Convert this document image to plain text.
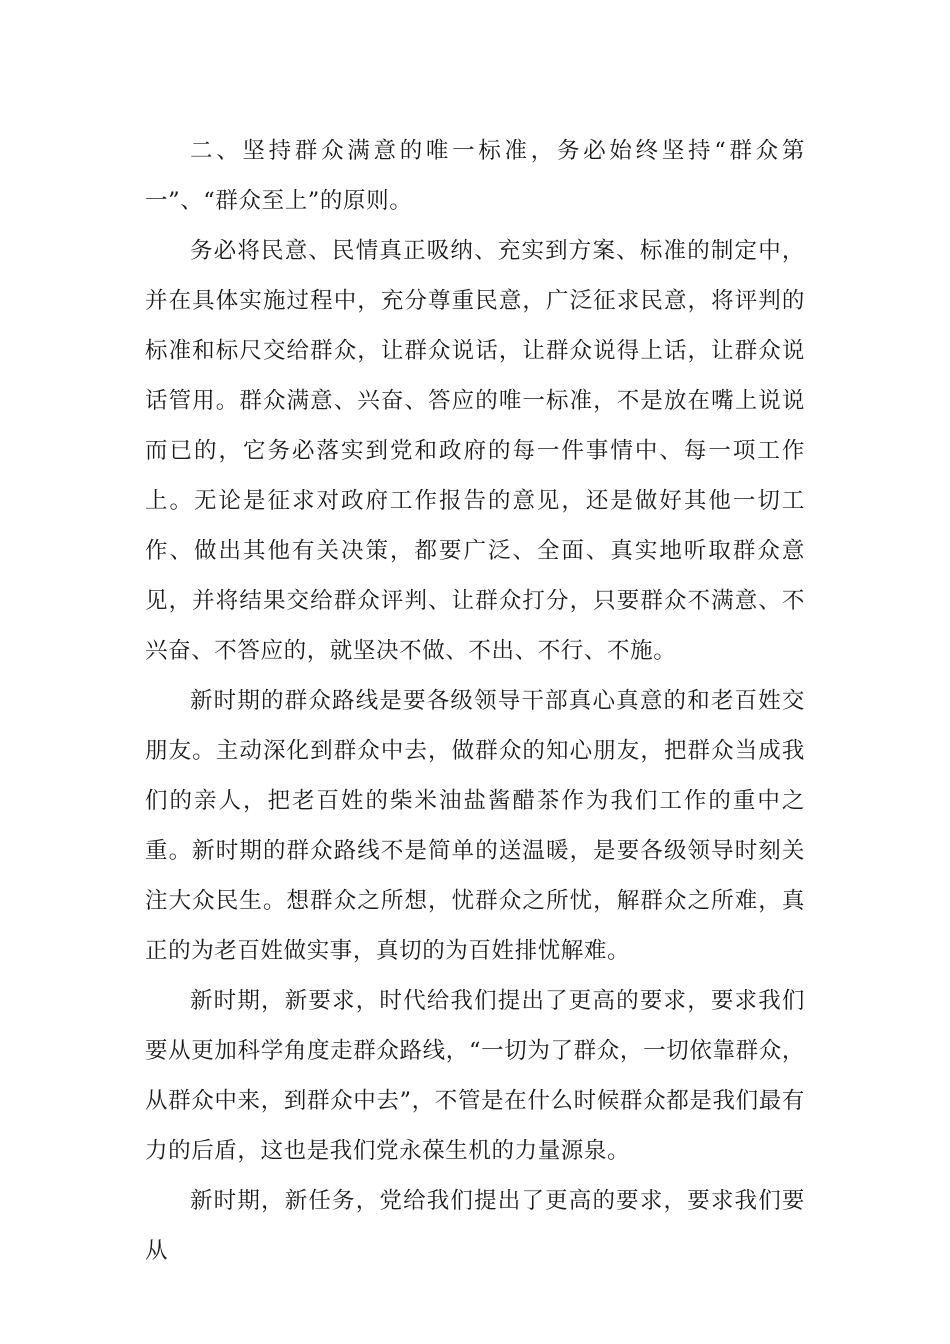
二、坚持群众满意的唯一标准，务必始终坚持“群众第一”、“群众至上”的原则。

务必将民意、民情真正吸纳、充实到方案、标准的制定中，并在具体实施过程中，充分尊重民意，广泛征求民意，将评判的标准和标尺交给群众，让群众说话，让群众说得上话，让群众说话管用。群众满意、兴奋、答应的唯一标准，不是放在嘴上说说而已的，它务必落实到党和政府的每一件事情中、每一项工作上。无论是征求对政府工作报告的意见，还是做好其他一切工作、做出其他有关决策，都要广泛、全面、真实地听取群众意见，并将结果交给群众评判、让群众打分，只要群众不满意、不兴奋、不答应的，就坚决不做、不出、不行、不施。

新时期的群众路线是要各级领导干部真心真意的和老百姓交朋友。主动深化到群众中去，做群众的知心朋友，把群众当成我们的亲人，把老百姓的柴米油盐酱醋茶作为我们工作的重中之重。新时期的群众路线不是简单的送温暖，是要各级领导时刻关注大众民生。想群众之所想，忧群众之所忧，解群众之所难，真正的为老百姓做实事，真切的为百姓排忧解难。

新时期，新要求，时代给我们提出了更高的要求，要求我们要从更加科学角度走群众路线，“一切为了群众，一切依靠群众，从群众中来，到群众中去”，不管是在什么时候群众都是我们最有力的后盾，这也是我们党永葆生机的力量源泉。

新时期，新任务，党给我们提出了更高的要求，要求我们要从
